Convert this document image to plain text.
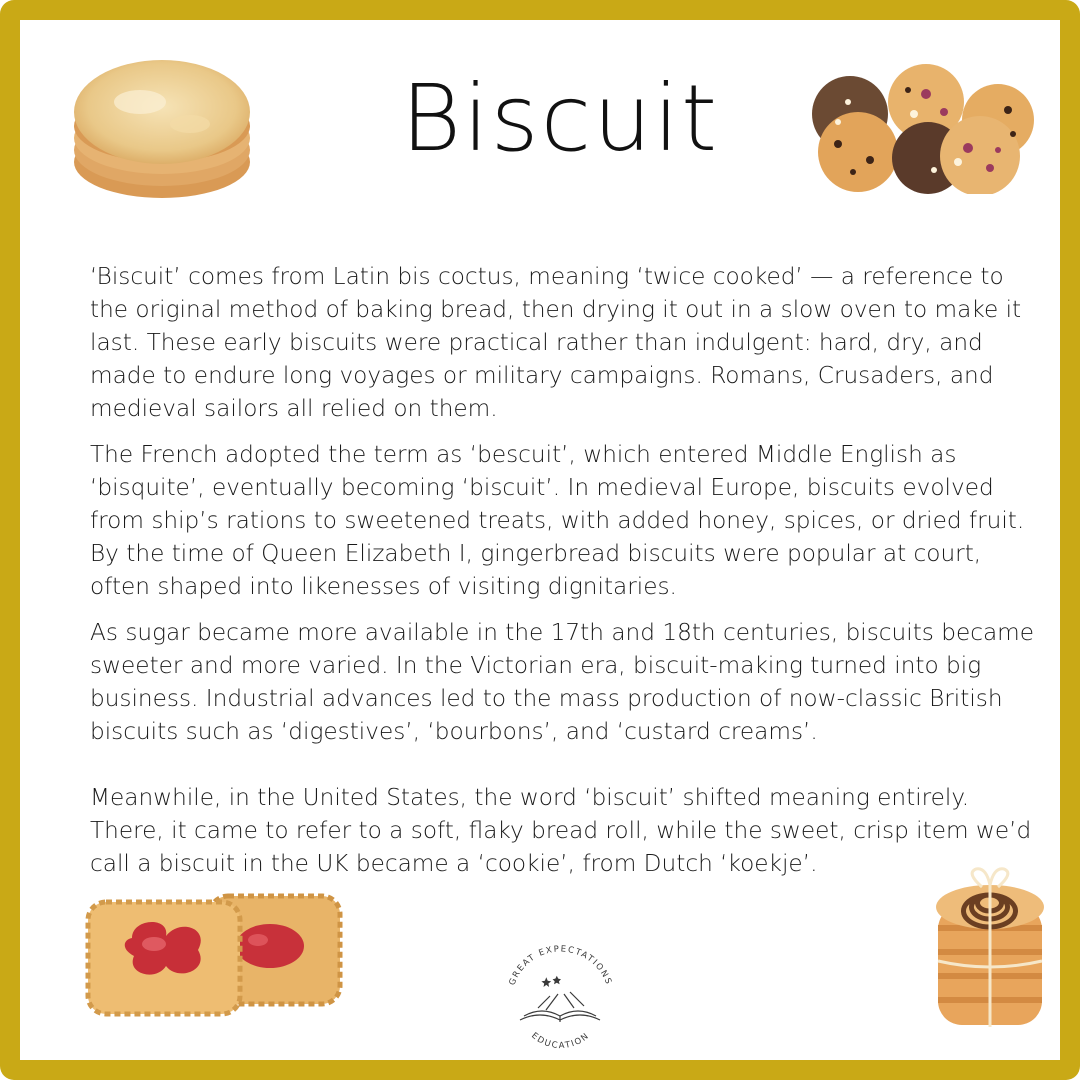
Biscuit

‘Biscuit’ comes from Latin bis coctus, meaning ‘twice cooked’ — a reference to the original method of baking bread, then drying it out in a slow oven to make it last. These early biscuits were practical rather than indulgent: hard, dry, and made to endure long voyages or military campaigns. Romans, Crusaders, and medieval sailors all relied on them.

The French adopted the term as ‘bescuit’, which entered Middle English as ‘bisquite’, eventually becoming ‘biscuit’. In medieval Europe, biscuits evolved from ship’s rations to sweetened treats, with added honey, spices, or dried fruit. By the time of Queen Elizabeth I, gingerbread biscuits were popular at court, often shaped into likenesses of visiting dignitaries.

As sugar became more available in the 17th and 18th centuries, biscuits became sweeter and more varied. In the Victorian era, biscuit-making turned into big business. Industrial advances led to the mass production of now-classic British biscuits such as ‘digestives’, ‘bourbons’, and ‘custard creams’.

Meanwhile, in the United States, the word ‘biscuit’ shifted meaning entirely. There, it came to refer to a soft, flaky bread roll, while the sweet, crisp item we’d call a biscuit in the UK became a ‘cookie’, from Dutch ‘koekje’.

GREAT EXPECTATIONS
EDUCATION
